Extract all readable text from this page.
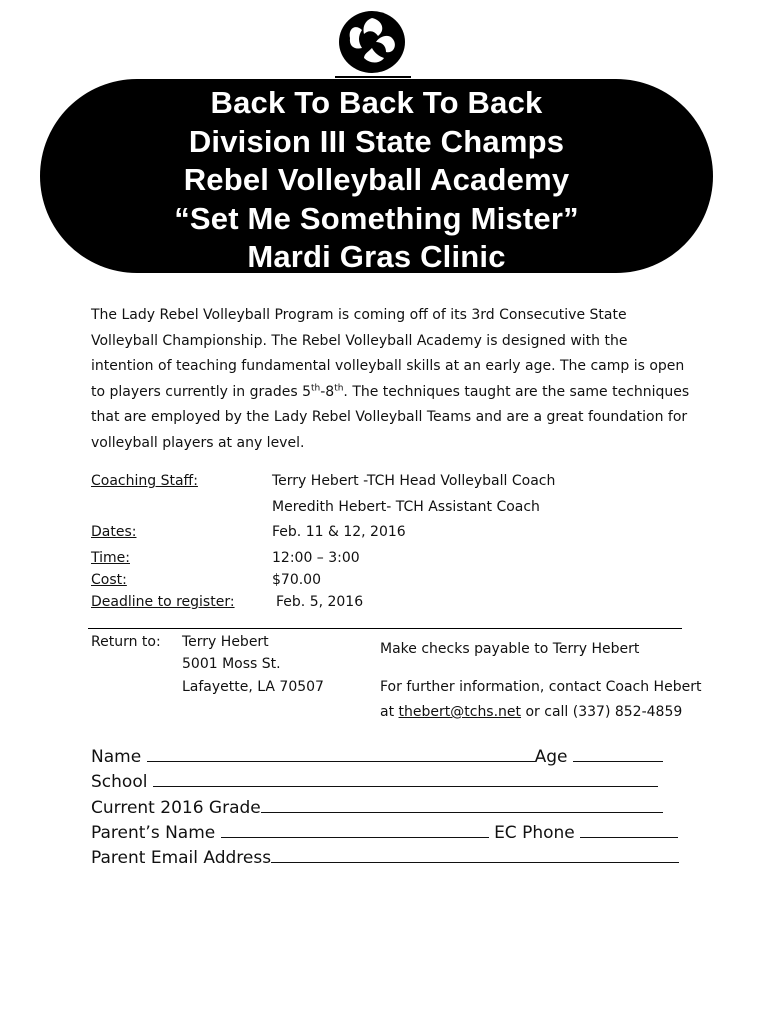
Back To Back To Back
Division III State Champs
Rebel Volleyball Academy
“Set Me Something Mister”
Mardi Gras Clinic

The Lady Rebel Volleyball Program is coming off of its 3rd Consecutive State Volleyball Championship. The Rebel Volleyball Academy is designed with the intention of teaching fundamental volleyball skills at an early age. The camp is open to players currently in grades 5th-8th. The techniques taught are the same techniques that are employed by the Lady Rebel Volleyball Teams and are a great foundation for volleyball players at any level.

Coaching Staff:	Terry Hebert -TCH Head Volleyball Coach
Meredith Hebert- TCH Assistant Coach
Dates:	Feb. 11 & 12, 2016
Time:	12:00 – 3:00
Cost:	$70.00
Deadline to register:	Feb. 5, 2016
Return to: Terry Hebert
5001 Moss St.
Lafayette, LA 70507
Make checks payable to Terry Hebert
For further information, contact Coach Hebert
at thebert@tchs.net or call (337) 852-4859
Name	Age
School
Current 2016 Grade
Parent’s Name	EC Phone
Parent Email Address
